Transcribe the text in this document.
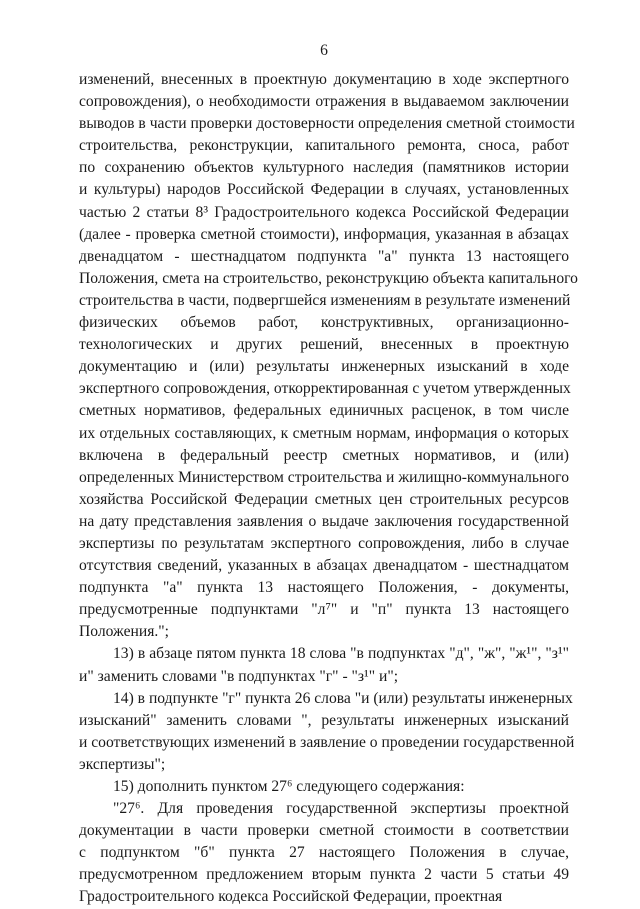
6
изменений, внесенных в проектную документацию в ходе экспертного
сопровождения), о необходимости отражения в выдаваемом заключении
выводов в части проверки достоверности определения сметной стоимости
строительства, реконструкции, капитального ремонта, сноса, работ
по сохранению объектов культурного наследия (памятников истории
и культуры) народов Российской Федерации в случаях, установленных
частью 2 статьи 8³ Градостроительного кодекса Российской Федерации
(далее - проверка сметной стоимости), информация, указанная в абзацах
двенадцатом - шестнадцатом подпункта "а" пункта 13 настоящего
Положения, смета на строительство, реконструкцию объекта капитального
строительства в части, подвергшейся изменениям в результате изменений
физических объемов работ, конструктивных, организационно-
технологических и других решений, внесенных в проектную
документацию и (или) результаты инженерных изысканий в ходе
экспертного сопровождения, откорректированная с учетом утвержденных
сметных нормативов, федеральных единичных расценок, в том числе
их отдельных составляющих, к сметным нормам, информация о которых
включена в федеральный реестр сметных нормативов, и (или)
определенных Министерством строительства и жилищно-коммунального
хозяйства Российской Федерации сметных цен строительных ресурсов
на дату представления заявления о выдаче заключения государственной
экспертизы по результатам экспертного сопровождения, либо в случае
отсутствия сведений, указанных в абзацах двенадцатом - шестнадцатом
подпункта "а" пункта 13 настоящего Положения, - документы,
предусмотренные подпунктами "л⁷" и "п" пункта 13 настоящего
Положения.";
13) в абзаце пятом пункта 18 слова "в подпунктах "д", "ж", "ж¹", "з¹"
и" заменить словами "в подпунктах "г" - "з¹" и";
14) в подпункте "г" пункта 26 слова "и (или) результаты инженерных
изысканий" заменить словами ", результаты инженерных изысканий
и соответствующих изменений в заявление о проведении государственной
экспертизы";
15) дополнить пунктом 27⁶ следующего содержания:
"27⁶. Для проведения государственной экспертизы проектной
документации в части проверки сметной стоимости в соответствии
с подпунктом "б" пункта 27 настоящего Положения в случае,
предусмотренном предложением вторым пункта 2 части 5 статьи 49
Градостроительного кодекса Российской Федерации, проектная
